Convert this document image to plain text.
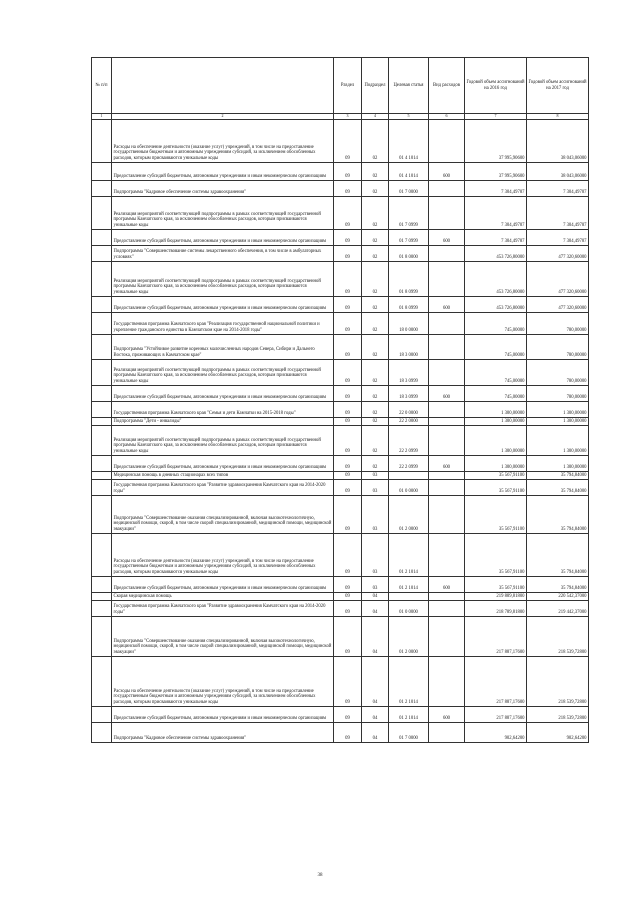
№ п/п		Раздел	Подраздел	Целевая статья	Вид расходов	Годовой объем ассигнований на 2016 год	Годовой объем ассигнований на 2017 год
1	2	3	4	5	6	7	8
	Расходы на обеспечение деятельности (оказание услуг) учреждений, в том числе на предоставление государственным бюджетным и автономным учреждениям субсидий, за исключением обособленных расходов, которым присваиваются уникальные коды	09	02	01 4 1014		37 995,90600	38 043,06000
	Предоставление субсидий бюджетным, автономным учреждениям и иным некоммерческим организациям	09	02	01 4 1014	600	37 995,90600	38 043,06000
	Подпрограмма "Кадровое обеспечение системы здравоохранения"	09	02	01 7 0000		7 304,49787	7 304,49787
	Реализация мероприятий соответствующей подпрограммы в рамках соответствующей государственной программы Камчатского края, за исключением обособленных расходов, которым присваиваются уникальные коды	09	02	01 7 0999		7 304,49787	7 304,49787
	Предоставление субсидий бюджетным, автономным учреждениям и иным некоммерческим организациям	09	02	01 7 0999	600	7 304,49787	7 304,49787
	Подпрограмма "Совершенствование системы лекарственного обеспечения, в том числе в амбулаторных условиях"	09	02	01 8 0000		453 726,80000	477 320,60000
	Реализация мероприятий соответствующей подпрограммы в рамках соответствующей государственной программы Камчатского края, за исключением обособленных расходов, которым присваиваются уникальные коды	09	02	01 8 0999		453 726,80000	477 320,60000
	Предоставление субсидий бюджетным, автономным учреждениям и иным некоммерческим организациям	09	02	01 8 0999	600	453 726,80000	477 320,60000
	Государственная программа Камчатского края "Реализация государственной национальной политики и укрепление гражданского единства в Камчатском крае на 2014-2018 годы"	09	02	18 0 0000		745,00000	780,00000
	Подпрограмма "Устойчивое развитие коренных малочисленных народов Севера, Сибири и Дальнего Востока, проживающих в Камчатском крае"	09	02	18 3 0000		745,00000	780,00000
	Реализация мероприятий соответствующей подпрограммы в рамках соответствующей государственной программы Камчатского края, за исключением обособленных расходов, которым присваиваются уникальные коды	09	02	18 3 0999		745,00000	780,00000
	Предоставление субсидий бюджетным, автономным учреждениям и иным некоммерческим организациям	09	02	18 3 0999	600	745,00000	780,00000
	Государственная программа Камчатского края "Семья и дети Камчатки на 2015-2018 годы"	09	02	22 0 0000		1 300,00000	1 300,00000
	Подпрограмма "Дети - инвалиды"	09	02	22 2 0000		1 300,00000	1 300,00000
	Реализация мероприятий соответствующей подпрограммы в рамках соответствующей государственной программы Камчатского края, за исключением обособленных расходов, которым присваиваются уникальные коды	09	02	22 2 0999		1 300,00000	1 300,00000
	Предоставление субсидий бюджетным, автономным учреждениям и иным некоммерческим организациям	09	02	22 2 0999	600	1 300,00000	1 300,00000
	Медицинская помощь в дневных стационарах всех типов	09	03			35 567,91100	35 794,84000
	Государственная программа Камчатского края "Развитие здравоохранения Камчатского края на 2014-2020 годы"	09	03	01 0 0000		35 567,91100	35 794,84000
	Подпрограмма "Совершенствование оказания специализированной, включая высокотехнологичную, медицинской помощи, скорой, в том числе скорой специализированной, медицинской помощи, медицинской эвакуации"	09	03	01 2 0000		35 567,91100	35 794,84000
	Расходы на обеспечение деятельности (оказание услуг) учреждений, в том числе на предоставление государственным бюджетным и автономным учреждениям субсидий, за исключением обособленных расходов, которым присваиваются уникальные коды	09	03	01 2 1014		35 567,91100	35 794,84000
	Предоставление субсидий бюджетным, автономным учреждениям и иным некоммерческим организациям	09	03	01 2 1014	600	35 567,91100	35 794,84000
	Скорая медицинская помощь	09	04			219 889,81800	220 542,37000
	Государственная программа Камчатского края "Развитие здравоохранения Камчатского края на 2014-2020 годы"	09	04	01 0 0000		218 789,81800	219 442,37000
	Подпрограмма "Совершенствование оказания специализированной, включая высокотехнологичную, медицинской помощи, скорой, в том числе скорой специализированной, медицинской помощи, медицинской эвакуации"	09	04	01 2 0000		217 887,17600	218 539,72800
	Расходы на обеспечение деятельности (оказание услуг) учреждений, в том числе на предоставление государственным бюджетным и автономным учреждениям субсидий, за исключением обособленных расходов, которым присваиваются уникальные коды	09	04	01 2 1014		217 887,17600	218 539,72800
	Предоставление субсидий бюджетным, автономным учреждениям и иным некоммерческим организациям	09	04	01 2 1014	600	217 887,17600	218 539,72800
	Подпрограмма "Кадровое обеспечение системы здравоохранения"	09	04	01 7 0000		902,64200	902,64200
38
